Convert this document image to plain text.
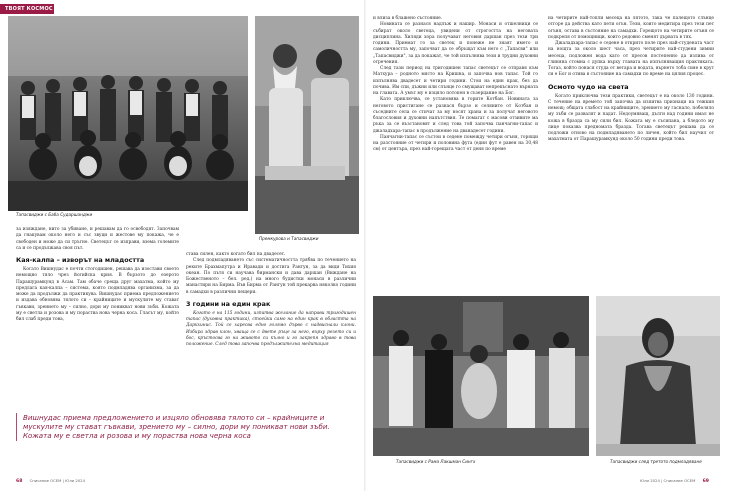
ТВОЯТ КОСМОС
Тапасвиджи с Баба Сударшанджи
Премкурова и Тапасвиджи

за изяждане, нито за убиване, и решавам да го освободят. Започвам да гнакувам около него и със звуци и жестове му покажа, че е свободен и може да си тръгне. Светецът се изправи, взема големите са и се продължава своя път.

Кая-калпа – изворът на младостта

Когато Вишнудас е почти стогодишен, решава да изостави своето немощно тяло чрез йогийска крия. В бързото до езерото Парашурамкунд в Асам. Там обаче среща друг махатма, който му предлага кая-калпа – система, която подмладява организма, за да може да продължи да практикува. Вишнудас приема предложението и издава обновява тялото си – крайниците и мускулите му стават гъвкави, зрението му – силно, дори му поникват нови зъби. Кожата му е светла и розова и му пораства нова черна коса. Гласът му, който бил слаб преди това,

става силен, както когато бил на двадесет.

След подмладяването със систематичността трябва по течението на реките Брахмапутра и Иравади и достига Рангун, за да види Тихия океан. По пътя си научава бирмански и дава даршан (Виждане на Божественото – бел. ред.) на много будистки монаси в различни манастири на Бирма. Във Бирма от Рангун той прекарва няколко години в самадхи в различни пещери.

3 години на един крак

Когато е на 115 години, изпитва желание да направи тригодишен тапас (духовна практика), стоейки само на един крак в областта на Даркхинис. Той се харесва едно голямо дърво с надвиснали клони. Избира здрав клон, хваща се с двете ръце за него, върху резето си и бос, кръстосва го на живото си кълно и го закрепя здраво в това положение. След това започва продължителна медитация

Вишнудас приема предложението и изцяло обновява тялото си – крайниците и мускулите му стават гъвкави, зрението му – силно, дори му поникват нови зъби. Кожата му е светла и розова и му пораства нова черна коса
68 Списание ОСЕМ | Юли 2024

и влиза в блажено състояние.

Новината се разнася надлъж и нашир. Монаси и отшелници се събират около светеца, увидени от строгостта на неговата дисциплина. Хиляди хора получават неговия даршан през тези три години. Приемат го за светец и понеже не знаят името и самоличността му, започват да се обръщат към него с „Тапасви" или „Тапасвиджи", за да покажат, че той изпълнява тези и трудни духовни отречения.

След тази период на тригодишен тапас светецът се отправя към Матхура – родното място на Кришна, и започва нов тапас. Той го изпълнява двадесет и четири години. Стои на един крак, без да почива. Им спи, дъжни или слънце го смущават непрекъснато върната на главата. А умът му е изцяло потопен в съзерцание на Бог.

Като приключва, се установява в горите Котбан. Новината за неговото пристигане се разнася бързо и селяните от Котбан и съседните села се стичат за му носят храна и за получат неговото благословия и духовни напътствия. Те помагат с масови отзивите ма ръка за се възстановят и след това той започва панчагни-тапас и джаладхара-тапас в продължение на дванадесет години.

Панчагни-тапас се състои в седене помежду четири огъня, горящи на разстояние от четири и половина фута (един фут е равен на 30,48 см) от центъра, през най-горещата част от деня по време

на четирите най-топли месеца на лятото, така че палещото слънце отгоре да действа като пети огън. Тези, които медитира през тези пет огъня, остава в състояние на самадхи. Горещото на четирите огъня се подкрепя от помощници, които редовно сменят дървата в тях.

Джаладхара-тапас е седене в открито поле през най-студената част на нощта за около шест часа, през четирите най-студени зимни месеца, подложен вода като от пресов постепенно да излива от глиняна стомна с дупка върху главата на изпълняващия практиката. Тогаз, който понася студа от ветара и водата, върнето тоба сияе в крут си е Бог и отива в състояние на самадхи по време на цялия процес.

Осмото чудо на света

Когато приключва тези практики, светецът е на около 130 години. С течение на времето той започва да изпитва признаци на тежкия немощ; общата слабост на крайниците, зрението му гаснало, побеляло му зъби се развалят и падат. Недоумяващ, дълги над години имал не кожа в бразда са му сили бил. Кожата му е съсипана, а бледото му лице показва предномата бразда. Тогава светецът решава да се подложи отново на подмладяването по личен, който бил научил от махатмата от Парашурамкунд около 50 години преди това.

Тапасвиджи с Рама Лакшман Сингх	Тапасвиджи след третото подмладяване
Юли 2024 | Списание ОСЕМ 69
